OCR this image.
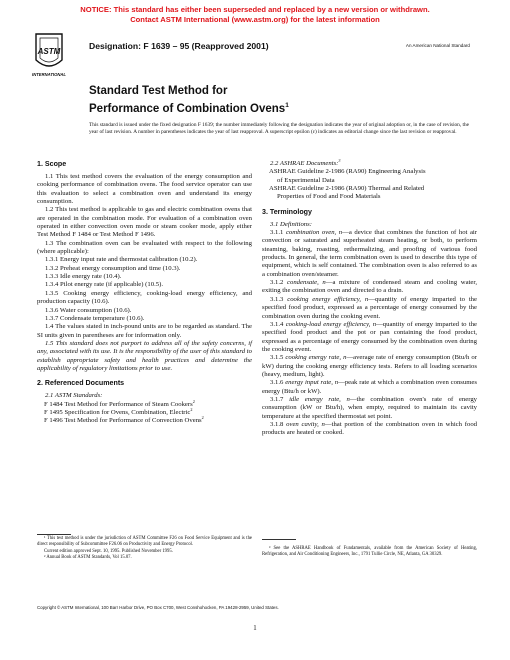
NOTICE: This standard has either been superseded and replaced by a new version or withdrawn.
Contact ASTM International (www.astm.org) for the latest information
ASTM
INTERNATIONAL
Designation: F 1639 – 95 (Reapproved 2001)	An American National Standard
Standard Test Method for
Performance of Combination Ovens$^1$
This standard is issued under the fixed designation F 1639; the number immediately following the designation indicates the year of original adoption or, in the case of revision, the year of last revision. A number in parentheses indicates the year of last reapproval. A superscript epsilon (ε) indicates an editorial change since the last revision or reapproval.
1. Scope

1.1 This test method covers the evaluation of the energy consumption and cooking performance of combination ovens. The food service operator can use this evaluation to select a combination oven and understand its energy consumption.

1.2 This test method is applicable to gas and electric combination ovens that are operated in the combination mode. For evaluation of a combination oven operated in either convection oven mode or steam cooker mode, apply either Test Method F 1484 or Test Method F 1496.

1.3 The combination oven can be evaluated with respect to the following (where applicable):

1.3.1 Energy input rate and thermostat calibration (10.2).

1.3.2 Preheat energy consumption and time (10.3).

1.3.3 Idle energy rate (10.4).

1.3.4 Pilot energy rate (if applicable) (10.5).

1.3.5 Cooking energy efficiency, cooking-load energy efficiency, and production capacity (10.6).

1.3.6 Water consumption (10.6).

1.3.7 Condensate temperature (10.6).

1.4 The values stated in inch-pound units are to be regarded as standard. The SI units given in parentheses are for information only.

1.5 This standard does not purport to address all of the safety concerns, if any, associated with its use. It is the responsibility of the user of this standard to establish appropriate safety and health practices and determine the applicability of regulatory limitations prior to use.

2. Referenced Documents

2.1 ASTM Standards:

F 1484 Test Method for Performance of Steam Cookers$^2$

F 1495 Specification for Ovens, Combination, Electric$^2$

F 1496 Test Method for Performance of Convection Ovens$^2$

2.2 ASHRAE Documents:$^3$

ASHRAE Guideline 2-1986 (RA90) Engineering Analysis
of Experimental Data

ASHRAE Guideline 2-1986 (RA90) Thermal and Related
Properties of Food and Food Materials

3. Terminology

3.1 Definitions:

3.1.1 combination oven, n—a device that combines the function of hot air convection or saturated and superheated steam heating, or both, to perform steaming, baking, roasting, rethermalizing, and proofing of various food products. In general, the term combination oven is used to describe this type of equipment, which is self contained. The combination oven is also referred to as a combination oven/steamer.

3.1.2 condensate, n—a mixture of condensed steam and cooling water, exiting the combination oven and directed to a drain.

3.1.3 cooking energy efficiency, n—quantity of energy imparted to the specified food product, expressed as a percentage of energy consumed by the combination oven during the cooking event.

3.1.4 cooking-load energy efficiency, n—quantity of energy imparted to the specified food product and the pot or pan containing the food product, expressed as a percentage of energy consumed by the combination oven during the cooking event.

3.1.5 cooking energy rate, n—average rate of energy consumption (Btu/h or kW) during the cooking energy efficiency tests. Refers to all loading scenarios (heavy, medium, light).

3.1.6 energy input rate, n—peak rate at which a combination oven consumes energy (Btu/h or kW).

3.1.7 idle energy rate, n—the combination oven's rate of energy consumption (kW or Btu/h), when empty, required to maintain its cavity temperature at the specified thermostat set point.

3.1.8 oven cavity, n—that portion of the combination oven in which food products are heated or cooked.

¹ This test method is under the jurisdiction of ASTM Committee F26 on Food Service Equipment and is the direct responsibility of Subcommittee F26.06 on Productivity and Energy Protocol.

Current edition approved Sept. 10, 1995. Published November 1995.

² Annual Book of ASTM Standards, Vol 15.07.

³ See the ASHRAE Handbook of Fundamentals, available from the American Society of Heating, Refrigeration, and Air Conditioning Engineers, Inc., 1791 Tullie Circle, NE, Atlanta, GA 30329.

Copyright © ASTM International, 100 Barr Harbor Drive, PO Box C700, West Conshohocken, PA 19428-2959, United States.
1
